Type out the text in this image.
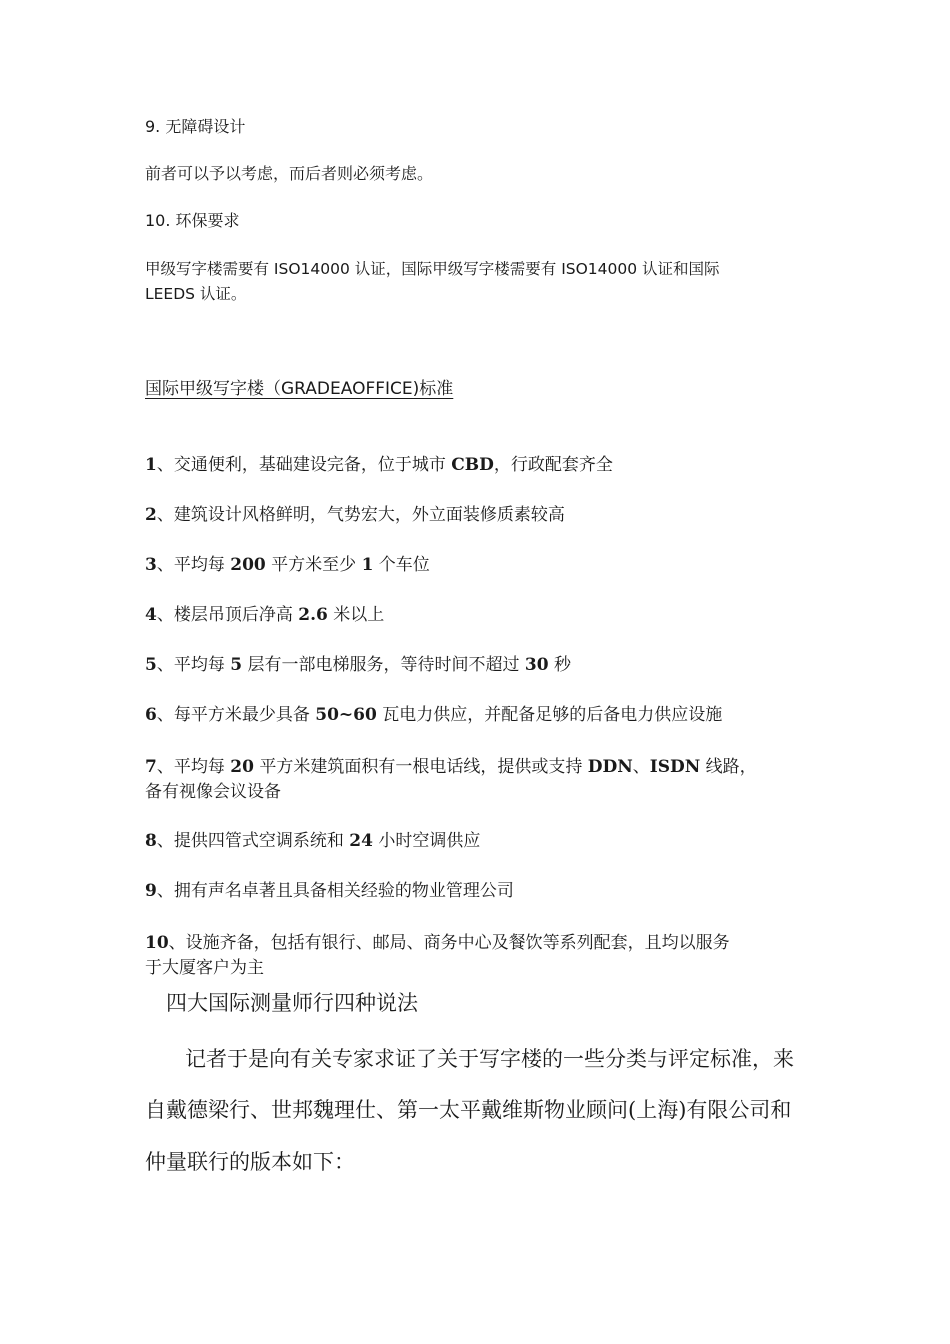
9. 无障碍设计
前者可以予以考虑，而后者则必须考虑。
10. 环保要求
甲级写字楼需要有 ISO14000 认证，国际甲级写字楼需要有 ISO14000 认证和国际
LEEDS 认证。
国际甲级写字楼（GRADEAOFFICE)标准
1、交通便利，基础建设完备，位于城市 CBD，行政配套齐全
2、建筑设计风格鲜明，气势宏大，外立面装修质素较高
3、平均每 200 平方米至少 1 个车位
4、楼层吊顶后净高 2.6 米以上
5、平均每 5 层有一部电梯服务，等待时间不超过 30 秒
6、每平方米最少具备 50~60 瓦电力供应，并配备足够的后备电力供应设施
7、平均每 20 平方米建筑面积有一根电话线，提供或支持 DDN、ISDN 线路，
备有视像会议设备
8、提供四管式空调系统和 24 小时空调供应
9、拥有声名卓著且具备相关经验的物业管理公司
10、设施齐备，包括有银行、邮局、商务中心及餐饮等系列配套，且均以服务
于大厦客户为主
四大国际测量师行四种说法
记者于是向有关专家求证了关于写字楼的一些分类与评定标准，来
自戴德梁行、世邦魏理仕、第一太平戴维斯物业顾问(上海)有限公司和
仲量联行的版本如下：
